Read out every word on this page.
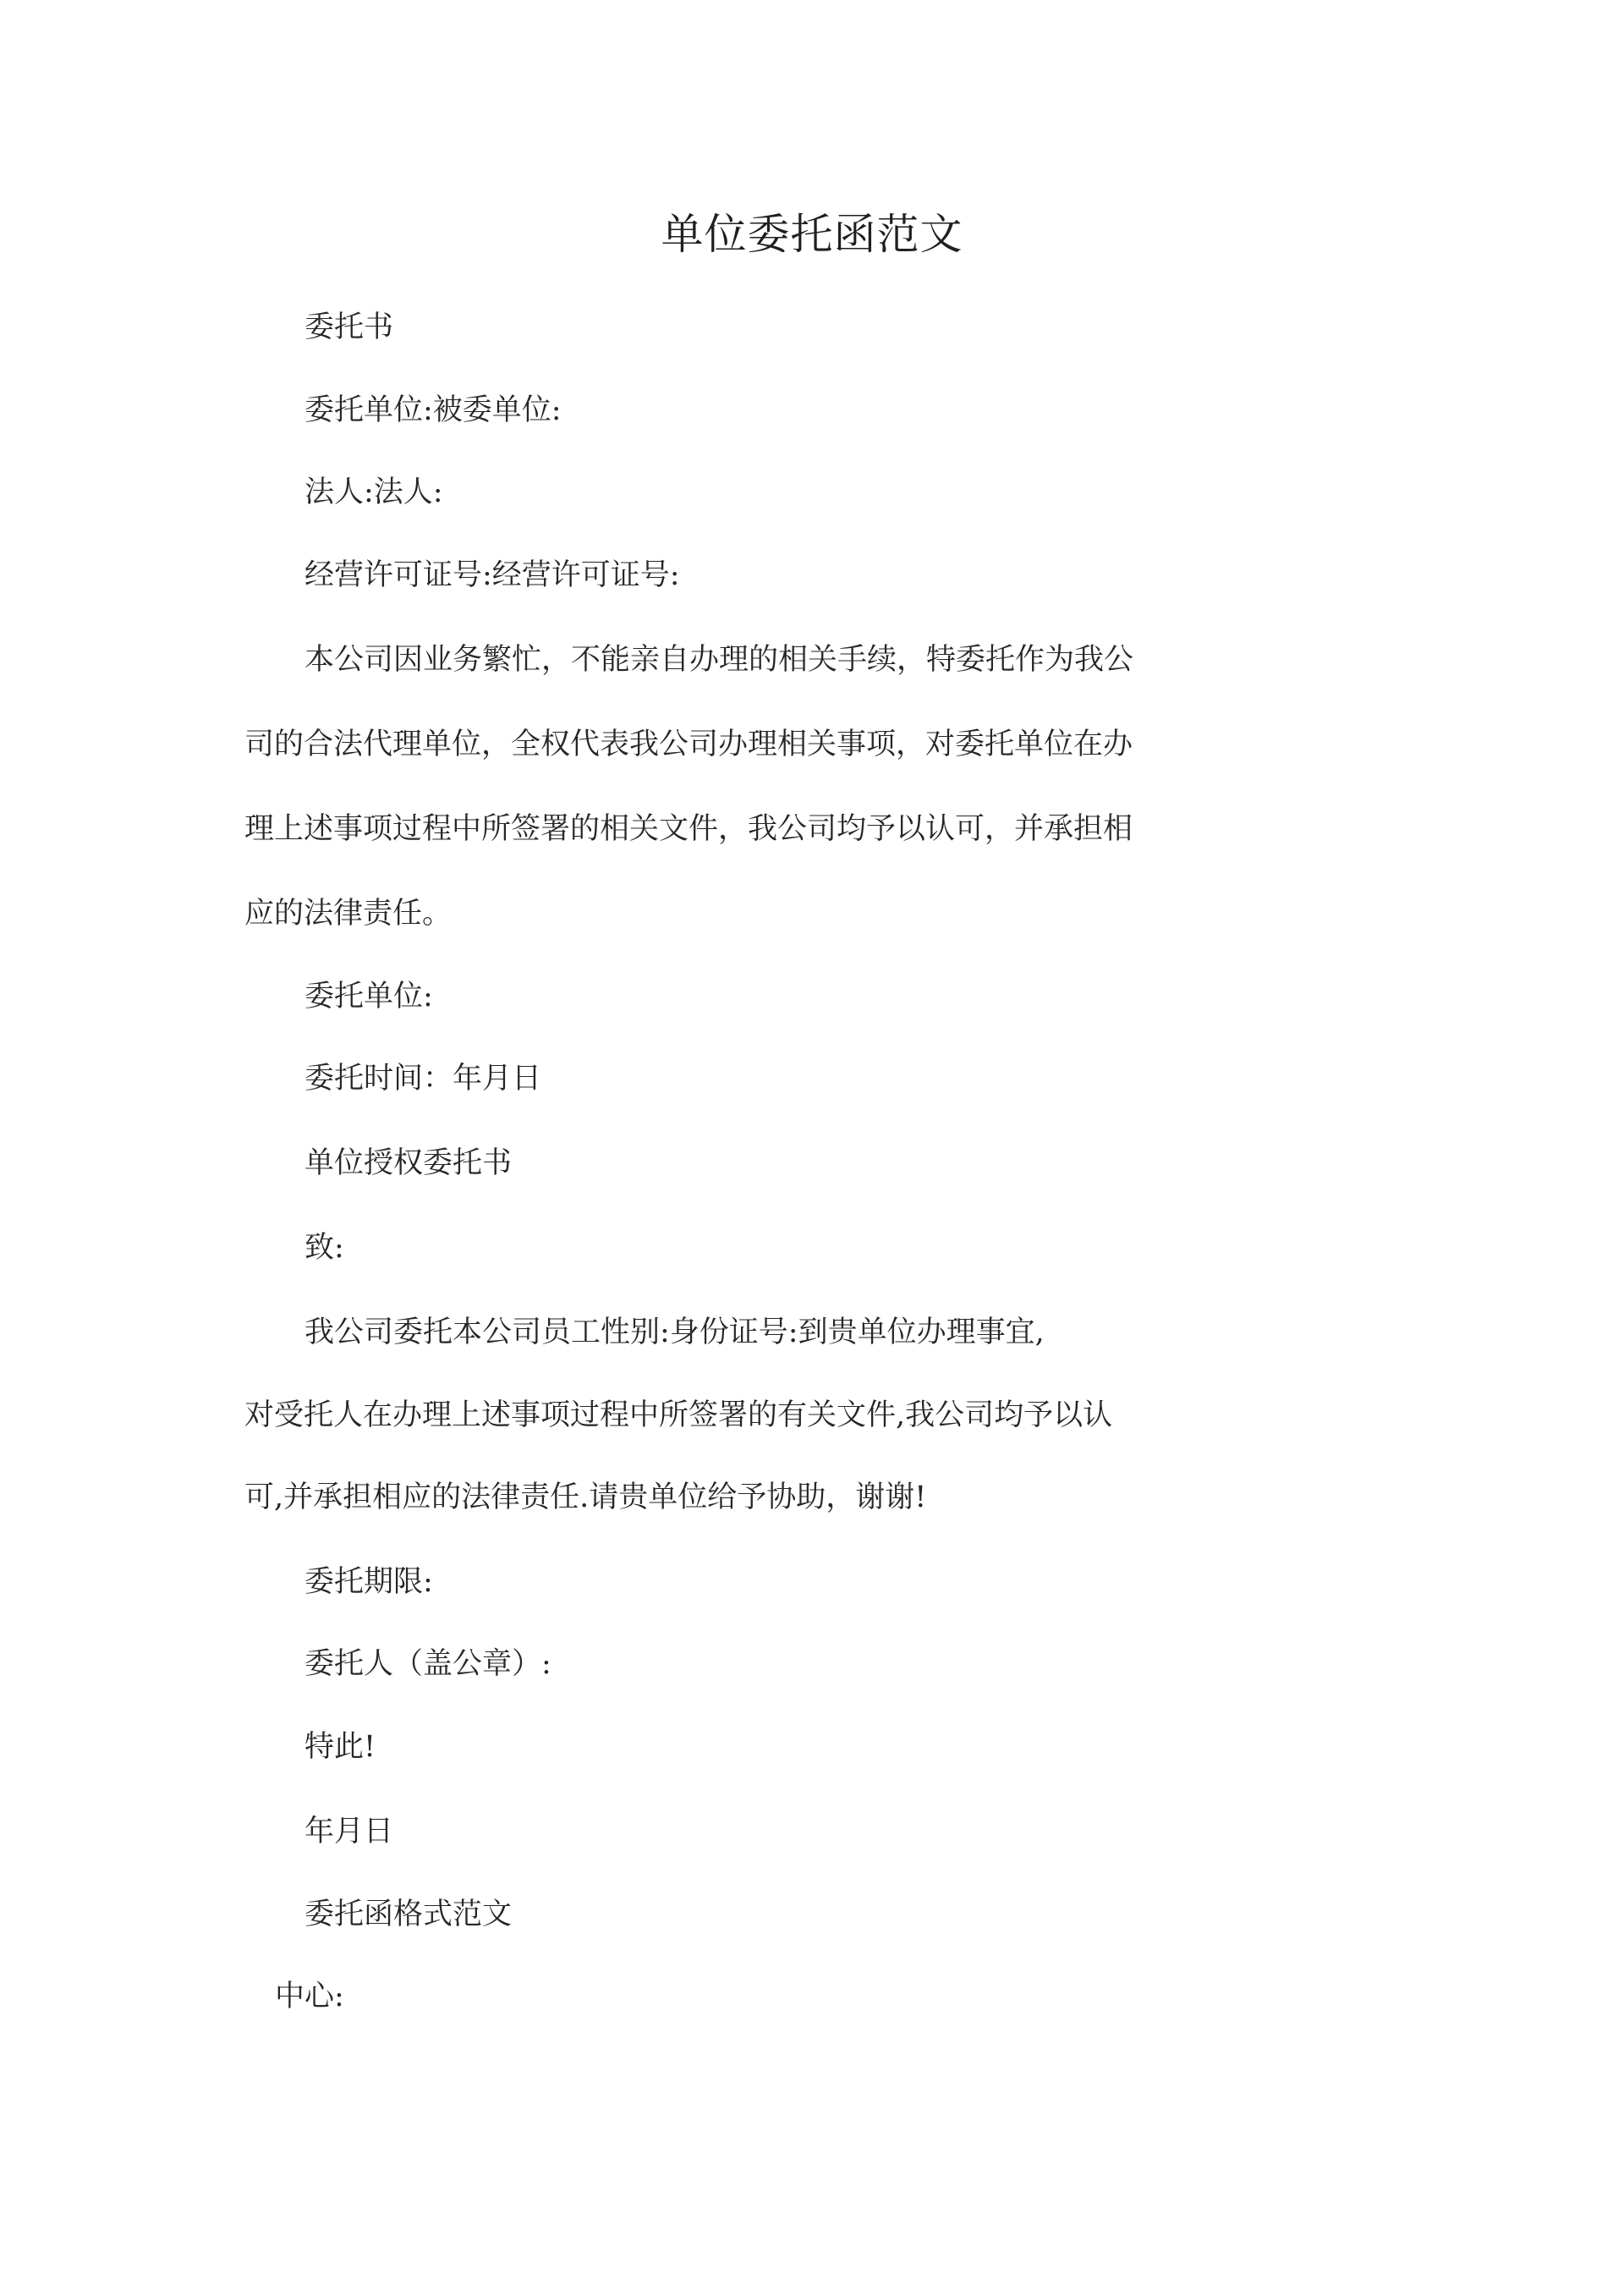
单位委托函范文
委托书
委托单位:被委单位:
法人:法人:
经营许可证号:经营许可证号:
本公司因业务繁忙，不能亲自办理的相关手续，特委托作为我公
司的合法代理单位，全权代表我公司办理相关事项，对委托单位在办
理上述事项过程中所签署的相关文件，我公司均予以认可，并承担相
应的法律责任。
委托单位:
委托时间：年月日
单位授权委托书
致:
我公司委托本公司员工性别:身份证号:到贵单位办理事宜,
对受托人在办理上述事项过程中所签署的有关文件,我公司均予以认
可,并承担相应的法律责任.请贵单位给予协助，谢谢!
委托期限:
委托人（盖公章）:
特此!
年月日
委托函格式范文
中心:
